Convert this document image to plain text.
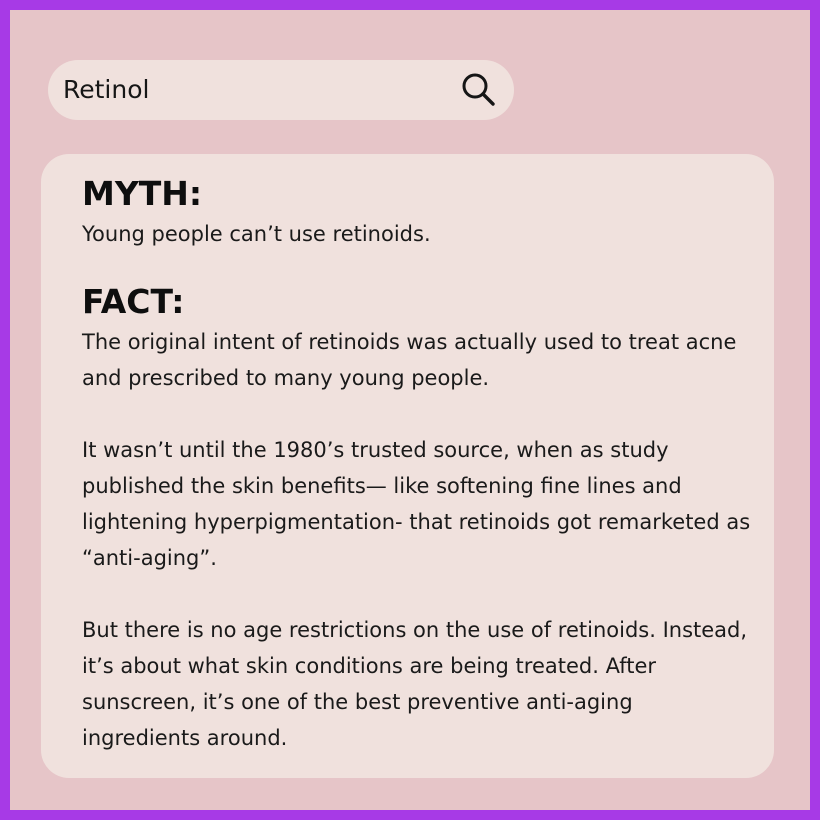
Retinol
MYTH:

Young people can’t use retinoids.

FACT:

The original intent of retinoids was actually used to treat acne and prescribed to many young people.

It wasn’t until the 1980’s trusted source, when as study published the skin benefits— like softening fine lines and lightening hyperpigmentation- that retinoids got remarketed as “anti-aging”.

But there is no age restrictions on the use of retinoids. Instead, it’s about what skin conditions are being treated. After sunscreen, it’s one of the best preventive anti-aging ingredients around.
